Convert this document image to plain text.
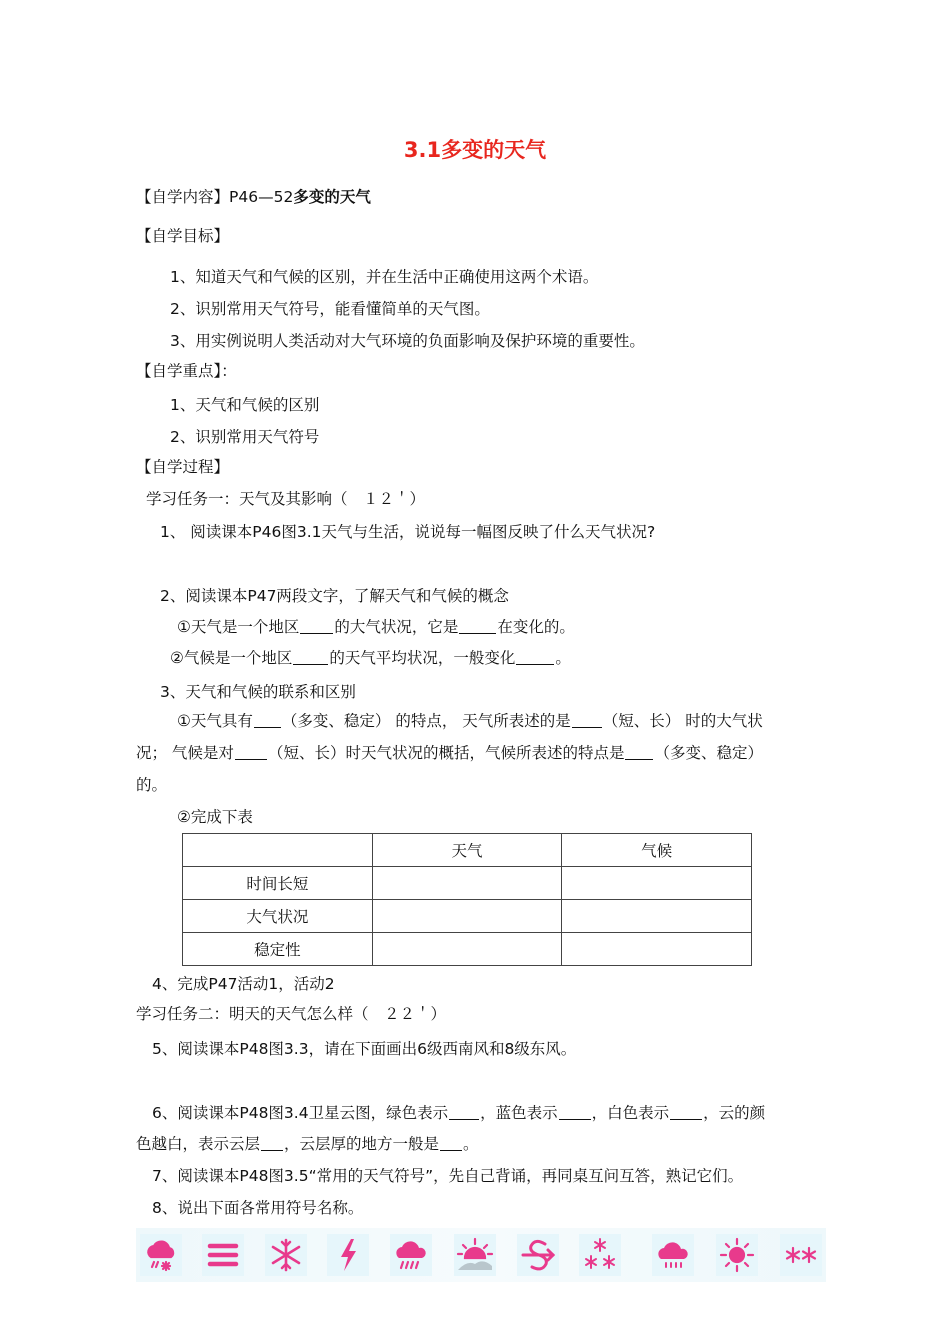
3.1多变的天气
【自学内容】P46—52多变的天气
【自学目标】
1、知道天气和气候的区别，并在生活中正确使用这两个术语。
2、识别常用天气符号，能看懂简单的天气图。
3、用实例说明人类活动对大气环境的负面影响及保护环境的重要性。
【自学重点】：
1、天气和气候的区别
2、识别常用天气符号
【自学过程】
学习任务一：天气及其影响（　１２＇）
1、 阅读课本P46图3.1天气与生活，说说每一幅图反映了什么天气状况?
2、阅读课本P47两段文字，了解天气和气候的概念
①天气是一个地区 的大气状况，它是	在变化的。
②气候是一个地区 的天气平均状况，一般变化	。
3、天气和气候的联系和区别
①天气具有 （多变、稳定） 的特点， 天气所表述的是 （短、长） 时的大气状
况； 气候是对 （短、长）时天气状况的概括，气候所表述的特点是 （多变、稳定）
的。
②完成下表
	天气	气候
时间长短		
大气状况		
稳定性		
4、完成P47活动1，活动2
学习任务二：明天的天气怎么样（　２２＇）
5、阅读课本P48图3.3，请在下面画出6级西南风和8级东风。
6、阅读课本P48图3.4卫星云图，绿色表示 ，蓝色表示 ，白色表示 ，云的颜
色越白，表示云层 ，云层厚的地方一般是 。
7、阅读课本P48图3.5“常用的天气符号”，先自己背诵，再同桌互问互答，熟记它们。
8、说出下面各常用符号名称。
